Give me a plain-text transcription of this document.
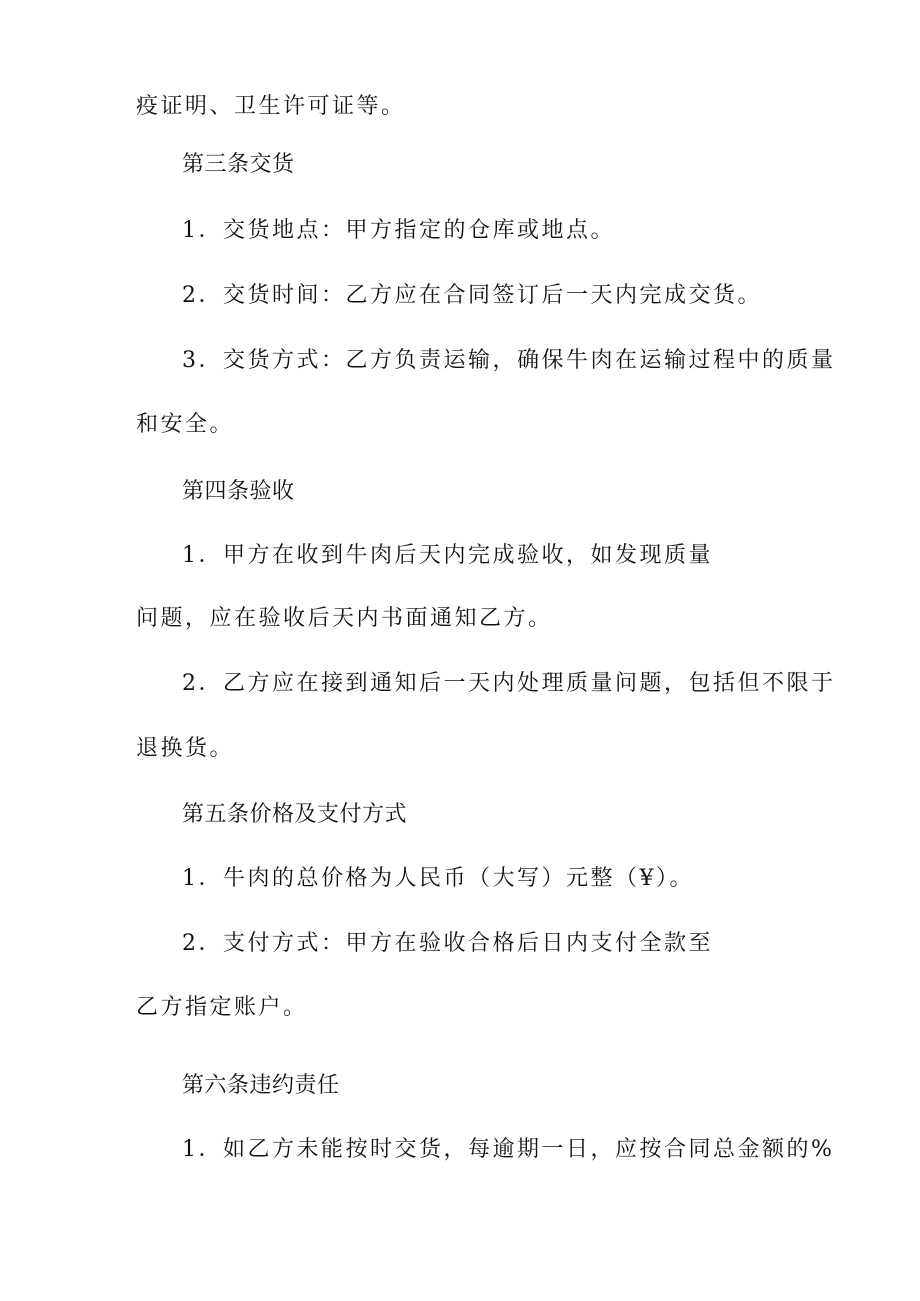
疫证明、卫生许可证等。
第三条交货
1．交货地点：甲方指定的仓库或地点。
2．交货时间：乙方应在合同签订后一天内完成交货。
3．交货方式：乙方负责运输，确保牛肉在运输过程中的质量
和安全。
第四条验收
1．甲方在收到牛肉后天内完成验收，如发现质量
问题，应在验收后天内书面通知乙方。
2．乙方应在接到通知后一天内处理质量问题，包括但不限于
退换货。
第五条价格及支付方式
1．牛肉的总价格为人民币（大写）元整（¥）。
2．支付方式：甲方在验收合格后日内支付全款至
乙方指定账户。
第六条违约责任
1．如乙方未能按时交货，每逾期一日，应按合同总金额的%
